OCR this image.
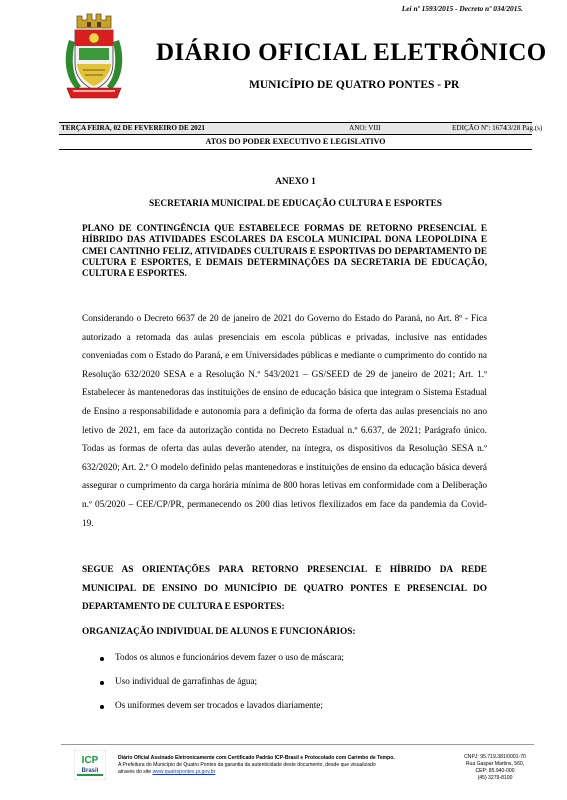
Lei nº 1593/2015 - Decreto nº 034/2015.
DIÁRIO OFICIAL ELETRÔNICO
MUNICÍPIO DE QUATRO PONTES - PR
TERÇA FEIRA, 02 DE FEVEREIRO DE 2021	ANO: VIII	EDIÇÃO Nº: 1674
13/28 Pag.(s)
ATOS DO PODER EXECUTIVO E LEGISLATIVO
ANEXO 1
SECRETARIA MUNICIPAL DE EDUCAÇÃO CULTURA E ESPORTES
PLANO DE CONTINGÊNCIA QUE ESTABELECE FORMAS DE RETORNO PRESENCIAL E HÍBRIDO DAS ATIVIDADES ESCOLARES DA ESCOLA MUNICIPAL DONA LEOPOLDINA E CMEI CANTINHO FELIZ, ATIVIDADES CULTURAIS E ESPORTIVAS DO DEPARTAMENTO DE CULTURA E ESPORTES, E DEMAIS DETERMINAÇÕES DA SECRETARIA DE EDUCAÇÃO, CULTURA E ESPORTES.
Considerando o Decreto 6637 de 20 de janeiro de 2021 do Governo do Estado do Paraná, no Art. 8º - Fica autorizado a retomada das aulas presenciais em escola públicas e privadas, inclusive nas entidades conveniadas com o Estado do Paraná, e em Universidades públicas e mediante o cumprimento do contido na Resolução 632/2020 SESA e a Resolução N.º 543/2021 – GS/SEED de 29 de janeiro de 2021; Art. 1.º Estabelecer às mantenedoras das instituições de ensino de educação básica que integram o Sistema Estadual de Ensino a responsabilidade e autonomia para a definição da forma de oferta das aulas presenciais no ano letivo de 2021, em face da autorização contida no Decreto Estadual n.º 6.637, de 2021; Parágrafo único. Todas as formas de oferta das aulas deverão atender, na íntegra, os dispositivos da Resolução SESA n.º 632/2020; Art. 2.º O modelo definido pelas mantenedoras e instituições de ensino da educação básica deverá assegurar o cumprimento da carga horária mínima de 800 horas letivas em conformidade com a Deliberação n.º 05/2020 – CEE/CP/PR, permanecendo os 200 dias letivos flexilizados em face da pandemia da Covid-19.
SEGUE AS ORIENTAÇÕES PARA RETORNO PRESENCIAL E HÍBRIDO DA REDE MUNICIPAL DE ENSINO DO MUNICÍPIO DE QUATRO PONTES E PRESENCIAL DO DEPARTAMENTO DE CULTURA E ESPORTES:
ORGANIZAÇÃO INDIVIDUAL DE ALUNOS E FUNCIONÁRIOS:
Todos os alunos e funcionários devem fazer o uso de máscara;
Uso individual de garrafinhas de água;
Os uniformes devem ser trocados e lavados diariamente;
ICP
Brasil
Diário Oficial Assinado Eletronicamente com Certificado Padrão ICP-Brasil e Protocolado com Carimbo de Tempo.
A Prefeitura do Município de Quatro Pontes da garantia da autenticidade deste documento, desde que visualizado
através do site www.quatropontes.pr.gov.br
CNPJ: 95.719.381/0001-70
Rua Gaspar Martins, 560,
CEP: 85.940-000
(45) 3279-8100
